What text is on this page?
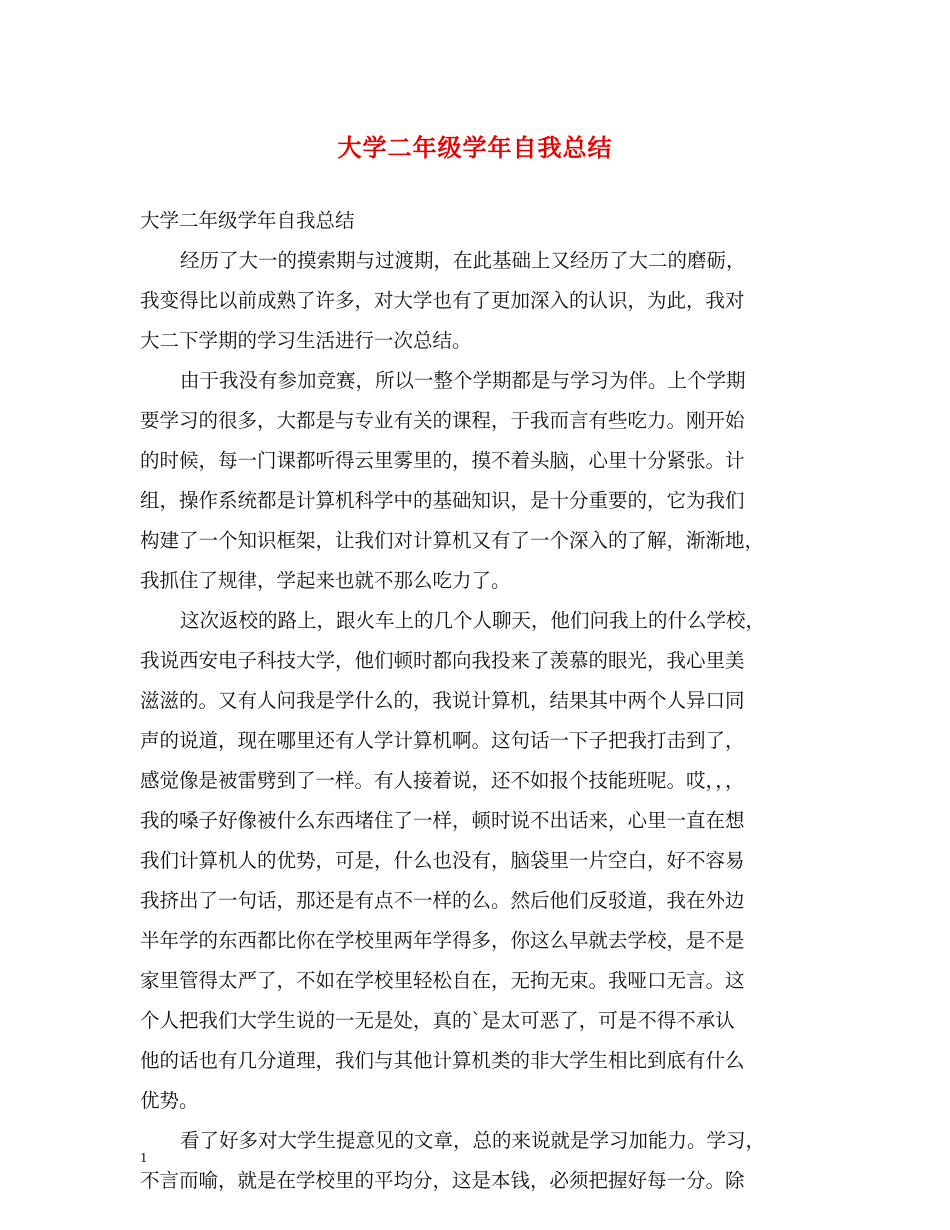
大学二年级学年自我总结

大学二年级学年自我总结

经历了大一的摸索期与过渡期，在此基础上又经历了大二的磨砺，
我变得比以前成熟了许多，对大学也有了更加深入的认识，为此，我对
大二下学期的学习生活进行一次总结。

由于我没有参加竞赛，所以一整个学期都是与学习为伴。上个学期
要学习的很多，大都是与专业有关的课程，于我而言有些吃力。刚开始
的时候，每一门课都听得云里雾里的，摸不着头脑，心里十分紧张。计
组，操作系统都是计算机科学中的基础知识，是十分重要的，它为我们
构建了一个知识框架，让我们对计算机又有了一个深入的了解，渐渐地，
我抓住了规律，学起来也就不那么吃力了。

这次返校的路上，跟火车上的几个人聊天，他们问我上的什么学校，
我说西安电子科技大学，他们顿时都向我投来了羡慕的眼光，我心里美
滋滋的。又有人问我是学什么的，我说计算机，结果其中两个人异口同
声的说道，现在哪里还有人学计算机啊。这句话一下子把我打击到了，
感觉像是被雷劈到了一样。有人接着说，还不如报个技能班呢。哎，，，
我的嗓子好像被什么东西堵住了一样，顿时说不出话来，心里一直在想
我们计算机人的优势，可是，什么也没有，脑袋里一片空白，好不容易
我挤出了一句话，那还是有点不一样的么。然后他们反驳道，我在外边
半年学的东西都比你在学校里两年学得多，你这么早就去学校，是不是
家里管得太严了，不如在学校里轻松自在，无拘无束。我哑口无言。这
个人把我们大学生说的一无是处，真的`是太可恶了，可是不得不承认
他的话也有几分道理，我们与其他计算机类的非大学生相比到底有什么
优势。

看了好多对大学生提意见的文章，总的来说就是学习加能力。学习，
不言而喻，就是在学校里的平均分，这是本钱，必须把握好每一分。除

1
